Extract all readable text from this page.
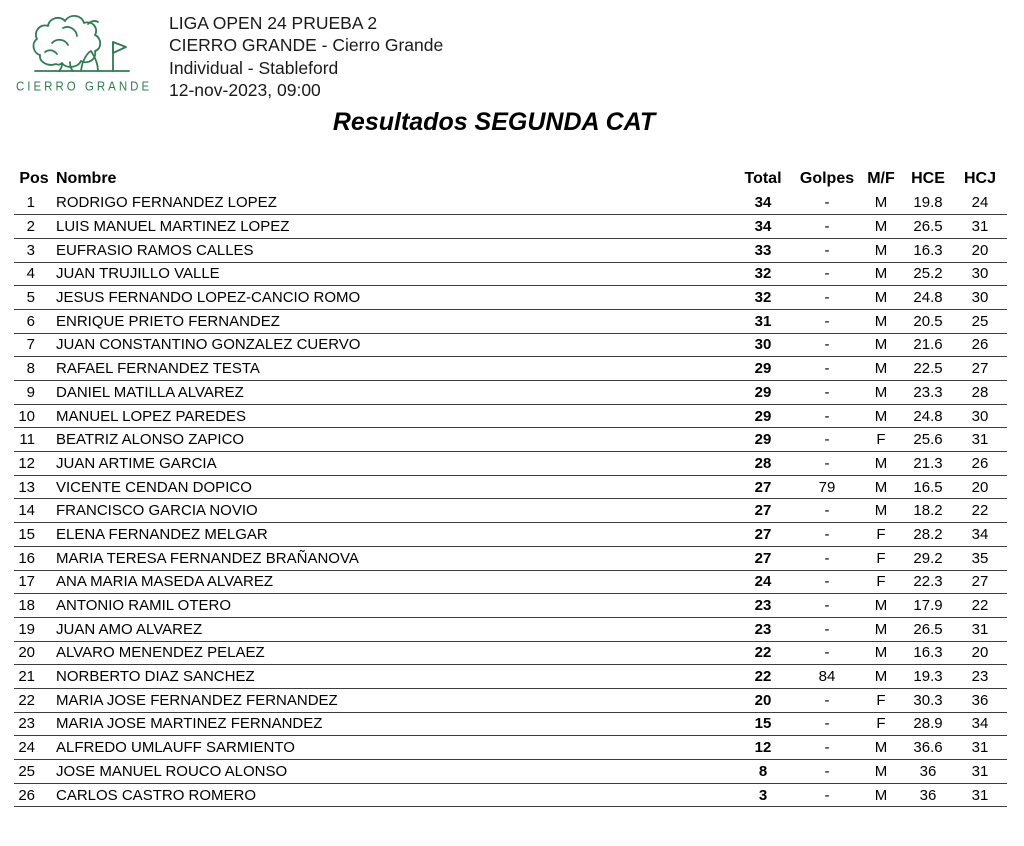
CIERRO GRANDE
LIGA OPEN 24 PRUEBA 2
CIERRO GRANDE - Cierro Grande
Individual - Stableford
12-nov-2023, 09:00
Resultados SEGUNDA CAT
Pos	Nombre	Total	Golpes	M/F	HCE	HCJ
1	RODRIGO FERNANDEZ LOPEZ	34	-	M	19.8	24
2	LUIS MANUEL MARTINEZ LOPEZ	34	-	M	26.5	31
3	EUFRASIO RAMOS CALLES	33	-	M	16.3	20
4	JUAN TRUJILLO VALLE	32	-	M	25.2	30
5	JESUS FERNANDO LOPEZ-CANCIO ROMO	32	-	M	24.8	30
6	ENRIQUE PRIETO FERNANDEZ	31	-	M	20.5	25
7	JUAN CONSTANTINO GONZALEZ CUERVO	30	-	M	21.6	26
8	RAFAEL FERNANDEZ TESTA	29	-	M	22.5	27
9	DANIEL MATILLA ALVAREZ	29	-	M	23.3	28
10	MANUEL LOPEZ PAREDES	29	-	M	24.8	30
11	BEATRIZ ALONSO ZAPICO	29	-	F	25.6	31
12	JUAN ARTIME GARCIA	28	-	M	21.3	26
13	VICENTE CENDAN DOPICO	27	79	M	16.5	20
14	FRANCISCO GARCIA NOVIO	27	-	M	18.2	22
15	ELENA FERNANDEZ MELGAR	27	-	F	28.2	34
16	MARIA TERESA FERNANDEZ BRAÑANOVA	27	-	F	29.2	35
17	ANA MARIA MASEDA ALVAREZ	24	-	F	22.3	27
18	ANTONIO RAMIL OTERO	23	-	M	17.9	22
19	JUAN AMO ALVAREZ	23	-	M	26.5	31
20	ALVARO MENENDEZ PELAEZ	22	-	M	16.3	20
21	NORBERTO DIAZ SANCHEZ	22	84	M	19.3	23
22	MARIA JOSE FERNANDEZ FERNANDEZ	20	-	F	30.3	36
23	MARIA JOSE MARTINEZ FERNANDEZ	15	-	F	28.9	34
24	ALFREDO UMLAUFF SARMIENTO	12	-	M	36.6	31
25	JOSE MANUEL ROUCO ALONSO	8	-	M	36	31
26	CARLOS CASTRO ROMERO	3	-	M	36	31
